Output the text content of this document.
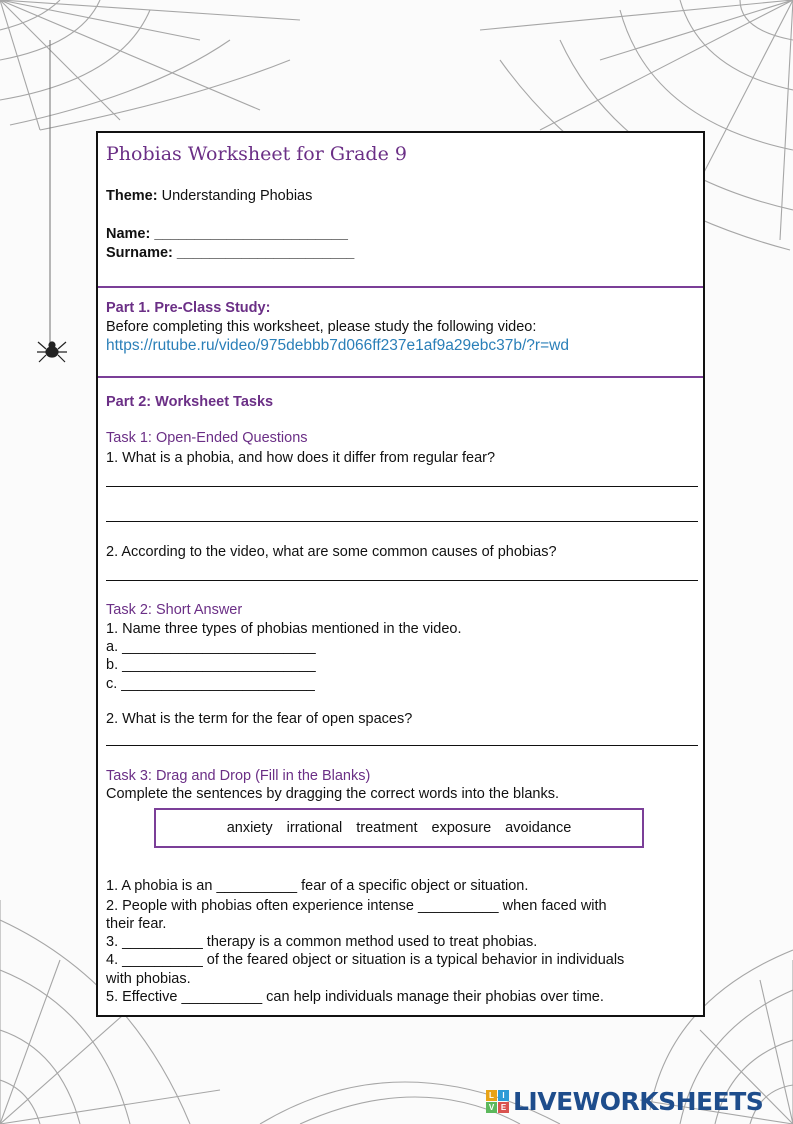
Phobias Worksheet for Grade 9
Theme: Understanding Phobias
Name: ________________________
Surname: ______________________
Part 1. Pre-Class Study:
Before completing this worksheet, please study the following video:
https://rutube.ru/video/975debbb7d066ff237e1af9a29ebc37b/?r=wd
Part 2: Worksheet Tasks
Task 1: Open-Ended Questions
1. What is a phobia, and how does it differ from regular fear?
2. According to the video, what are some common causes of phobias?
Task 2: Short Answer
1. Name three types of phobias mentioned in the video.
a. ________________________
b. ________________________
c. ________________________
2. What is the term for the fear of open spaces?
Task 3: Drag and Drop (Fill in the Blanks)
Complete the sentences by dragging the correct words into the blanks.
anxiety irrational treatment exposure avoidance
1. A phobia is an __________ fear of a specific object or situation.
2. People with phobias often experience intense __________ when faced with
their fear.
3. __________ therapy is a common method used to treat phobias.
4. __________ of the feared object or situation is a typical behavior in individuals
with phobias.
5. Effective __________ can help individuals manage their phobias over time.
L	I
V E LIVEWORKSHEETS
